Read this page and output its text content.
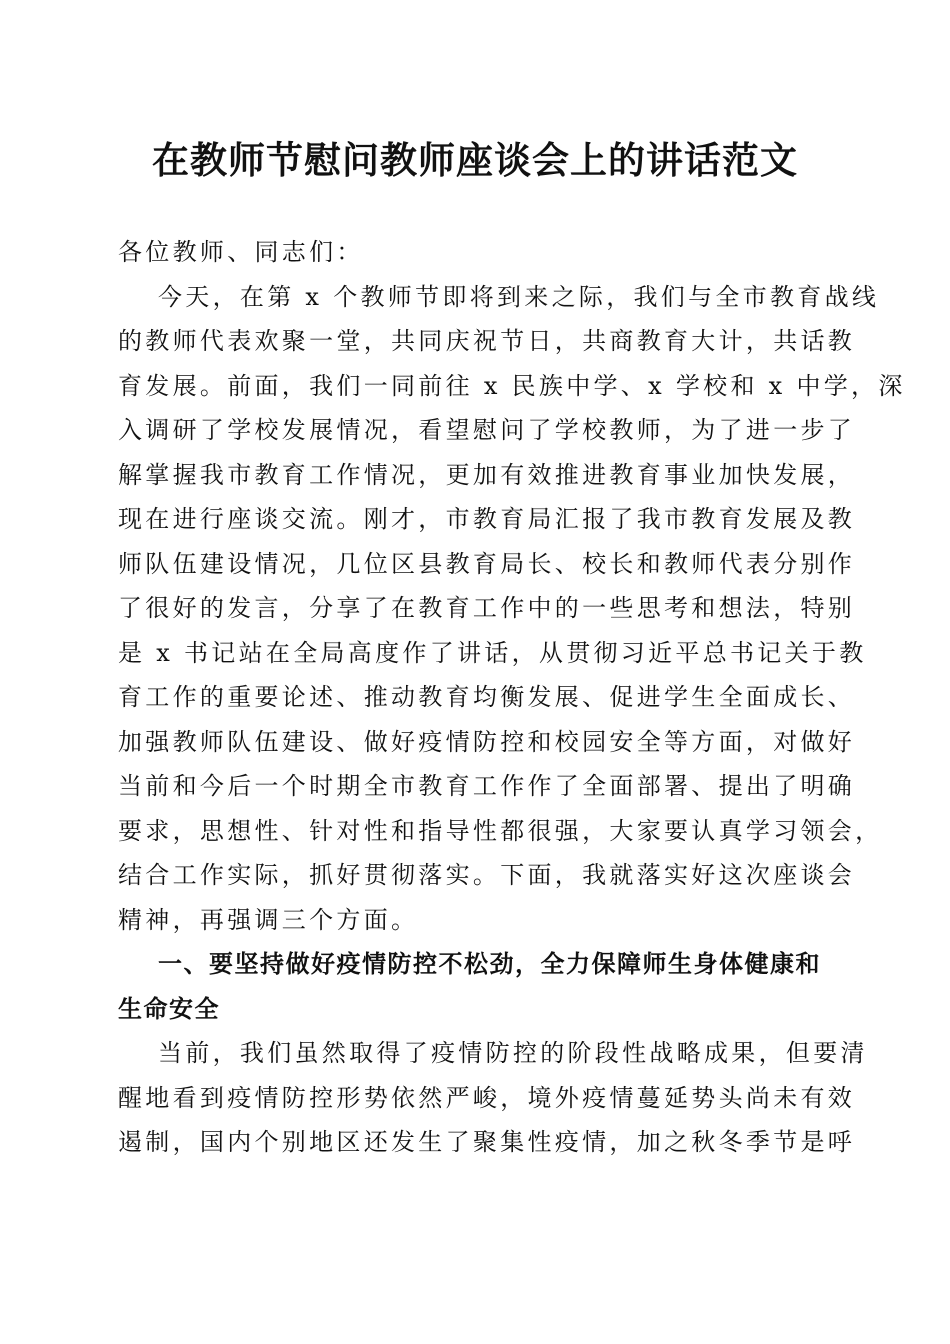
在教师节慰问教师座谈会上的讲话范文
各位教师、同志们：
今天，在第 x 个教师节即将到来之际，我们与全市教育战线
的教师代表欢聚一堂，共同庆祝节日，共商教育大计，共话教
育发展。前面，我们一同前往 x 民族中学、x 学校和 x 中学，深
入调研了学校发展情况，看望慰问了学校教师，为了进一步了
解掌握我市教育工作情况，更加有效推进教育事业加快发展，
现在进行座谈交流。刚才，市教育局汇报了我市教育发展及教
师队伍建设情况，几位区县教育局长、校长和教师代表分别作
了很好的发言，分享了在教育工作中的一些思考和想法，特别
是 x 书记站在全局高度作了讲话，从贯彻习近平总书记关于教
育工作的重要论述、推动教育均衡发展、促进学生全面成长、
加强教师队伍建设、做好疫情防控和校园安全等方面，对做好
当前和今后一个时期全市教育工作作了全面部署、提出了明确
要求，思想性、针对性和指导性都很强，大家要认真学习领会，
结合工作实际，抓好贯彻落实。下面，我就落实好这次座谈会
精神，再强调三个方面。
一、要坚持做好疫情防控不松劲，全力保障师生身体健康和
生命安全
当前，我们虽然取得了疫情防控的阶段性战略成果，但要清
醒地看到疫情防控形势依然严峻，境外疫情蔓延势头尚未有效
遏制，国内个别地区还发生了聚集性疫情，加之秋冬季节是呼
